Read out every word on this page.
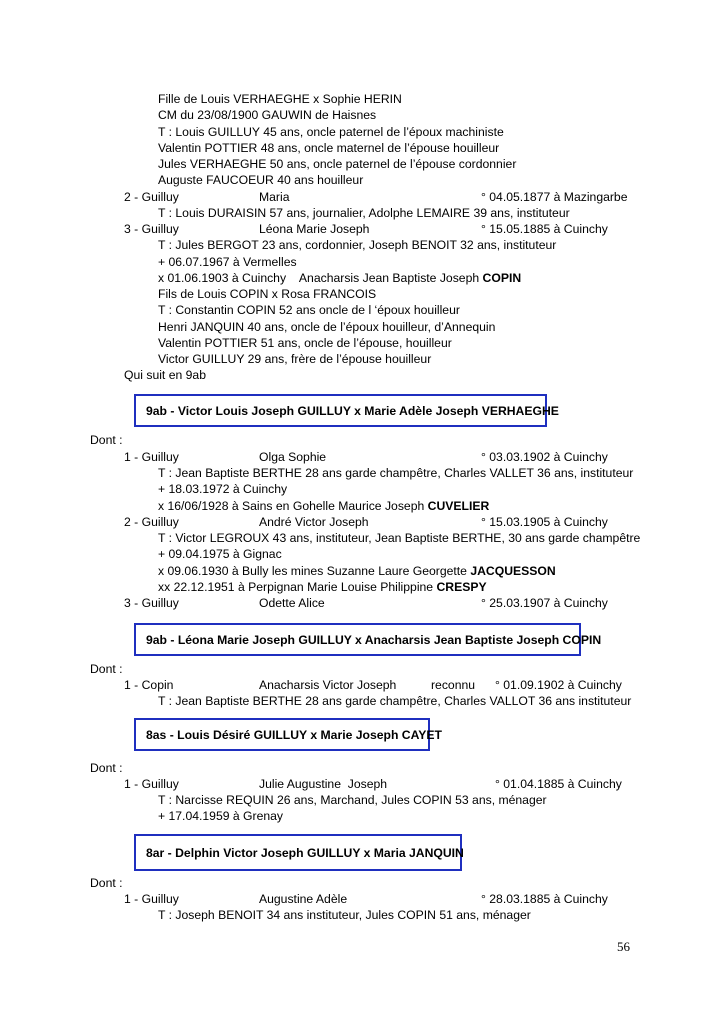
Fille de Louis VERHAEGHE x Sophie HERIN
CM du 23/08/1900 GAUWIN de Haisnes
T : Louis GUILLUY 45 ans, oncle paternel de l’époux machiniste
Valentin POTTIER 48 ans, oncle maternel de l’épouse houilleur
Jules VERHAEGHE 50 ans, oncle paternel de l’épouse cordonnier
Auguste FAUCOEUR 40 ans houilleur
2 - Guilluy	Maria	° 04.05.1877 à Mazingarbe
T : Louis DURAISIN 57 ans, journalier, Adolphe LEMAIRE 39 ans, instituteur
3 - Guilluy	Léona Marie Joseph	° 15.05.1885 à Cuinchy
T : Jules BERGOT 23 ans, cordonnier, Joseph BENOIT 32 ans, instituteur
+ 06.07.1967 à Vermelles
x 01.06.1903 à Cuinchy    Anacharsis Jean Baptiste Joseph COPIN
Fils de Louis COPIN x Rosa FRANCOIS
T : Constantin COPIN 52 ans oncle de l ‘époux houilleur
Henri JANQUIN 40 ans, oncle de l’époux houilleur, d’Annequin
Valentin POTTIER 51 ans, oncle de l’épouse, houilleur
Victor GUILLUY 29 ans, frère de l’épouse houilleur
Qui suit en 9ab
9ab - Victor Louis Joseph GUILLUY x Marie Adèle Joseph VERHAEGHE
Dont :
1 - Guilluy	Olga Sophie	° 03.03.1902 à Cuinchy
T : Jean Baptiste BERTHE 28 ans garde champêtre, Charles VALLET 36 ans, instituteur
+ 18.03.1972 à Cuinchy
x 16/06/1928 à Sains en Gohelle Maurice Joseph CUVELIER
2 - Guilluy	André Victor Joseph	° 15.03.1905 à Cuinchy
T : Victor LEGROUX 43 ans, instituteur, Jean Baptiste BERTHE, 30 ans garde champêtre
+ 09.04.1975 à Gignac
x 09.06.1930 à Bully les mines Suzanne Laure Georgette JACQUESSON
xx 22.12.1951 à Perpignan Marie Louise Philippine CRESPY
3 - Guilluy	Odette Alice	° 25.03.1907 à Cuinchy
9ab - Léona Marie Joseph GUILLUY x Anacharsis Jean Baptiste Joseph COPIN
Dont :
1 - Copin	Anacharsis Victor Joseph	reconnu ° 01.09.1902 à Cuinchy
T : Jean Baptiste BERTHE 28 ans garde champêtre, Charles VALLOT 36 ans instituteur
8as - Louis Désiré GUILLUY x Marie Joseph CAYET
Dont :
1 - Guilluy	Julie Augustine  Joseph	° 01.04.1885 à Cuinchy
T : Narcisse REQUIN 26 ans, Marchand, Jules COPIN 53 ans, ménager
+ 17.04.1959 à Grenay
8ar - Delphin Victor Joseph GUILLUY x Maria JANQUIN
Dont :
1 - Guilluy	Augustine Adèle	° 28.03.1885 à Cuinchy
T : Joseph BENOIT 34 ans instituteur, Jules COPIN 51 ans, ménager
56
